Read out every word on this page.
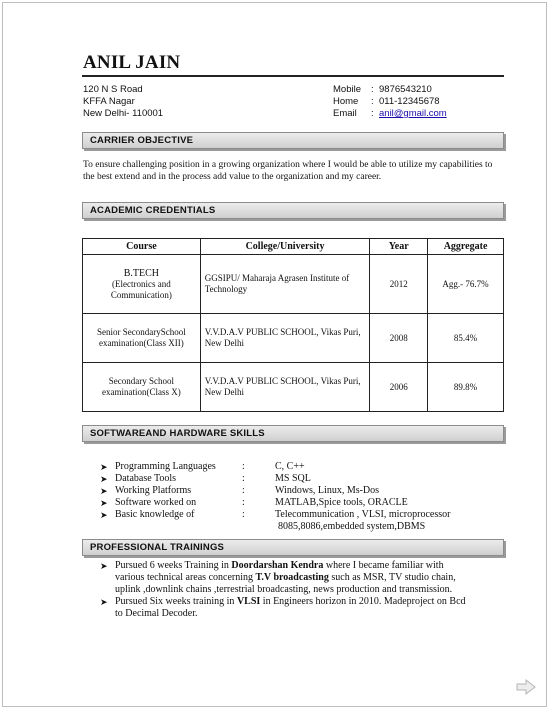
ANIL JAIN
120 N S Road
KFFA Nagar
New Delhi- 110001
Mobile : 9876543210
Home : 011-12345678
Email : anil@gmail.com
CARRIER OBJECTIVE
To ensure challenging position in a growing organization where I would be able to utilize my capabilities to the best extend and in the process add value to the organization and my career.
ACADEMIC CREDENTIALS
Course	College/University	Year	Aggregate

B.TECH
(Electronics and
Communication)	GGSIPU/ Maharaja Agrasen Institute of Technology	2012	Agg.- 76.7%

Senior SecondarySchool
examination(Class XII)	V.V.D.A.V PUBLIC SCHOOL, Vikas Puri, New Delhi	2008	85.4%

Secondary School
examination(Class X)	V.V.D.A.V PUBLIC SCHOOL, Vikas Puri, New Delhi	2006	89.8%
SOFTWAREAND HARDWARE SKILLS
➤ Programming Languages	:	C, C++
➤ Database Tools	:	MS SQL
➤ Working Platforms	:	Windows, Linux, Ms-Dos
➤ Software worked on	:	MATLAB,Spice tools, ORACLE
➤ Basic knowledge of	:	Telecommunication , VLSI, microprocessor
8085,8086,embedded system,DBMS
PROFESSIONAL TRAININGS
➤ Pursued 6 weeks Training in Doordarshan Kendra where I became familiar with various technical areas concerning T.V broadcasting such as MSR, TV studio chain, uplink ,downlink chains ,terrestrial broadcasting, news production and transmission.
➤ Pursued Six weeks training in VLSI in Engineers horizon in 2010. Madeproject on Bcd to Decimal Decoder.
